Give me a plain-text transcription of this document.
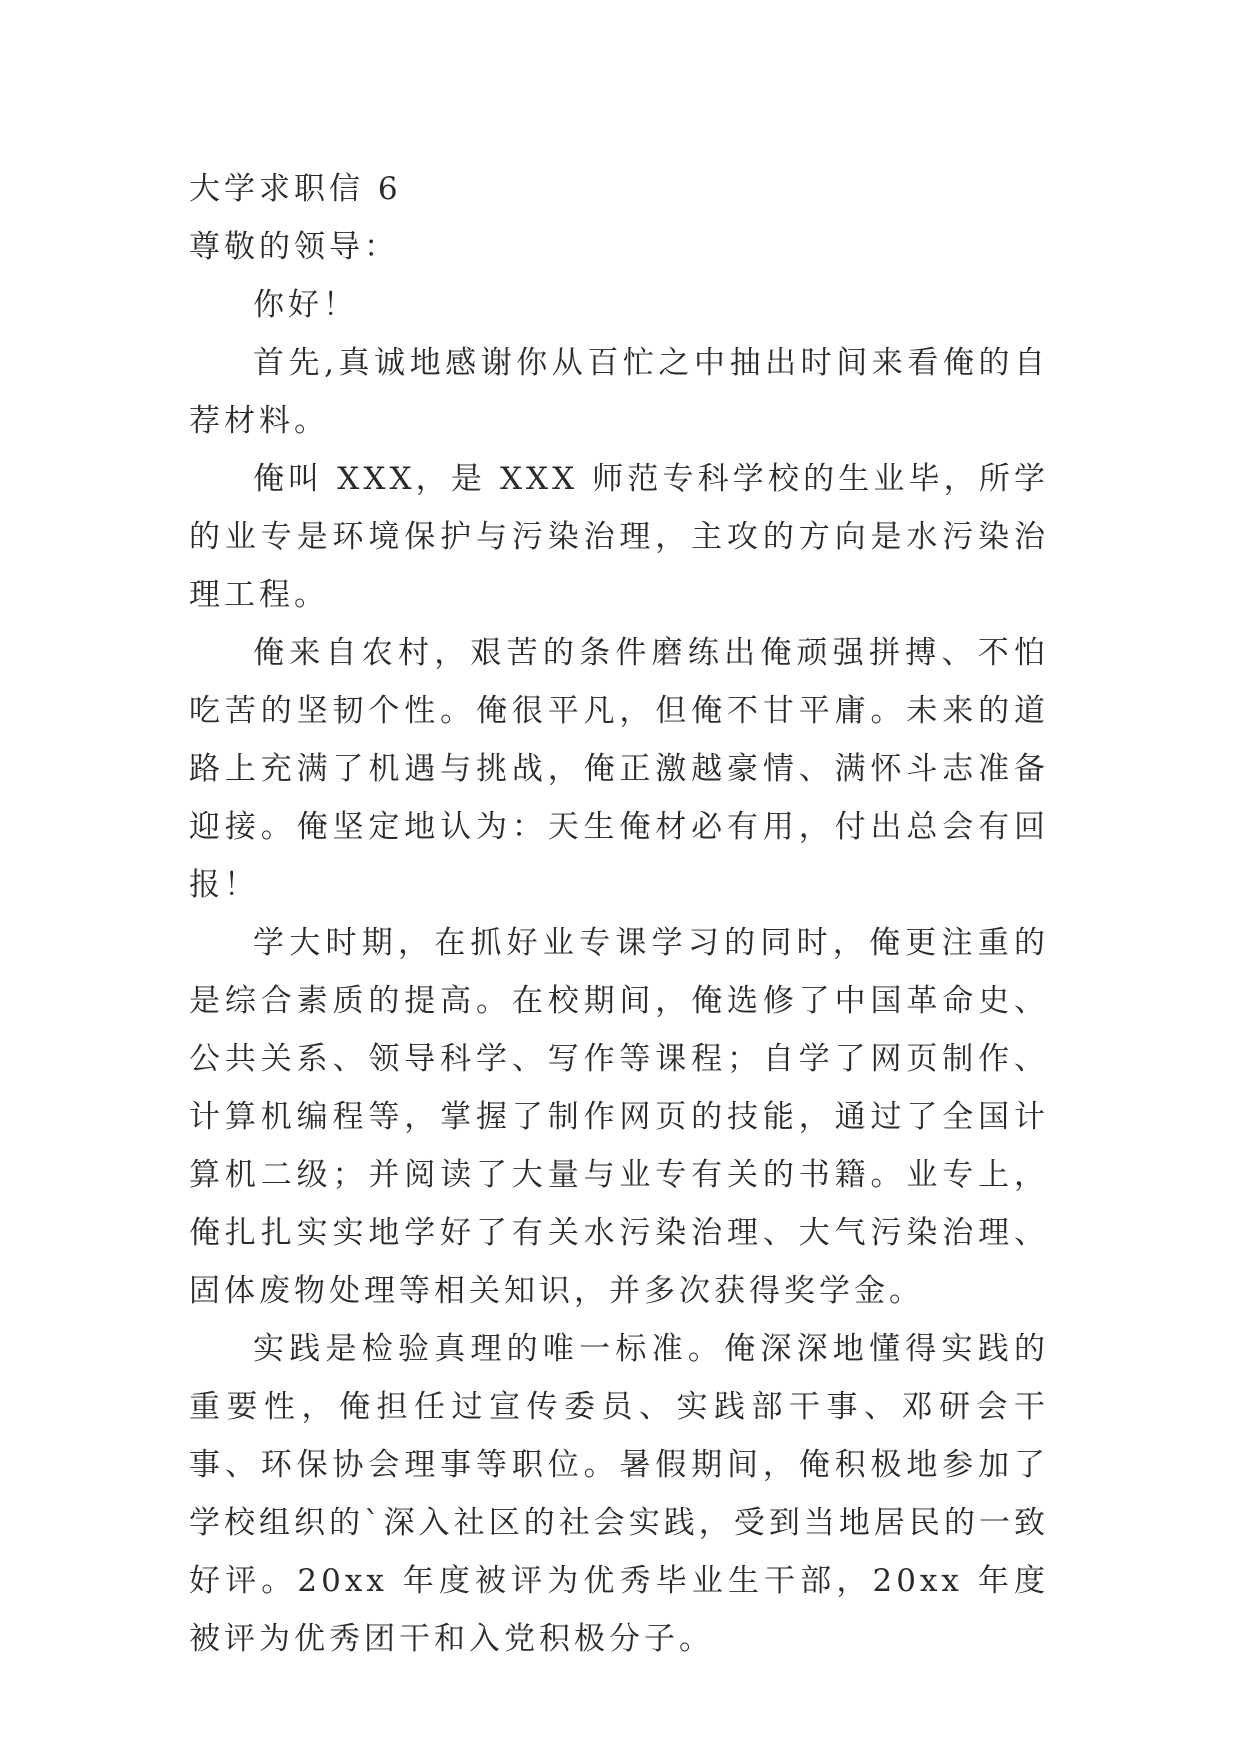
大学求职信 6

尊敬的领导：

你好！

首先,真诚地感谢你从百忙之中抽出时间来看俺的自荐材料。

俺叫 XXX，是 XXX 师范专科学校的生业毕，所学的业专是环境保护与污染治理，主攻的方向是水污染治理工程。

俺来自农村，艰苦的条件磨练出俺顽强拼搏、不怕吃苦的坚韧个性。俺很平凡，但俺不甘平庸。未来的道路上充满了机遇与挑战，俺正激越豪情、满怀斗志准备迎接。俺坚定地认为：天生俺材必有用，付出总会有回报！

学大时期，在抓好业专课学习的同时，俺更注重的是综合素质的提高。在校期间，俺选修了中国革命史、公共关系、领导科学、写作等课程；自学了网页制作、计算机编程等，掌握了制作网页的技能，通过了全国计算机二级；并阅读了大量与业专有关的书籍。业专上，俺扎扎实实地学好了有关水污染治理、大气污染治理、固体废物处理等相关知识，并多次获得奖学金。

实践是检验真理的唯一标准。俺深深地懂得实践的重要性，俺担任过宣传委员、实践部干事、邓研会干事、环保协会理事等职位。暑假期间，俺积极地参加了学校组织的`深入社区的社会实践，受到当地居民的一致好评。20xx 年度被评为优秀毕业生干部，20xx 年度被评为优秀团干和入党积极分子。
